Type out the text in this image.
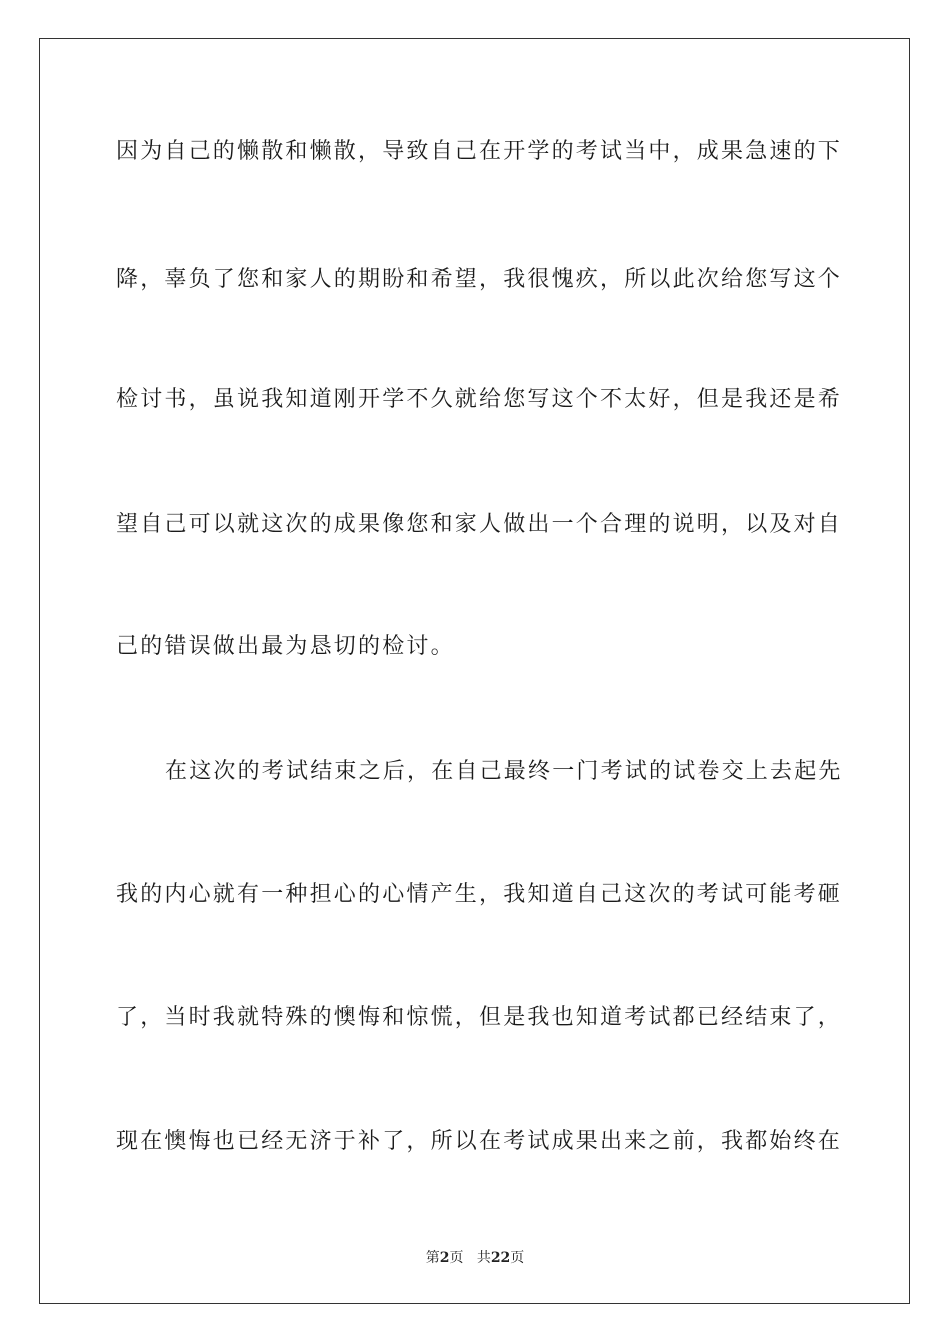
因为自己的懒散和懒散，导致自己在开学的考试当中，成果急速的下
降，辜负了您和家人的期盼和希望，我很愧疚，所以此次给您写这个
检讨书，虽说我知道刚开学不久就给您写这个不太好，但是我还是希
望自己可以就这次的成果像您和家人做出一个合理的说明，以及对自
己的错误做出最为恳切的检讨。
在这次的考试结束之后，在自己最终一门考试的试卷交上去起先
我的内心就有一种担心的心情产生，我知道自己这次的考试可能考砸
了，当时我就特殊的懊悔和惊慌，但是我也知道考试都已经结束了，
现在懊悔也已经无济于补了，所以在考试成果出来之前，我都始终在
第2页 共22页
